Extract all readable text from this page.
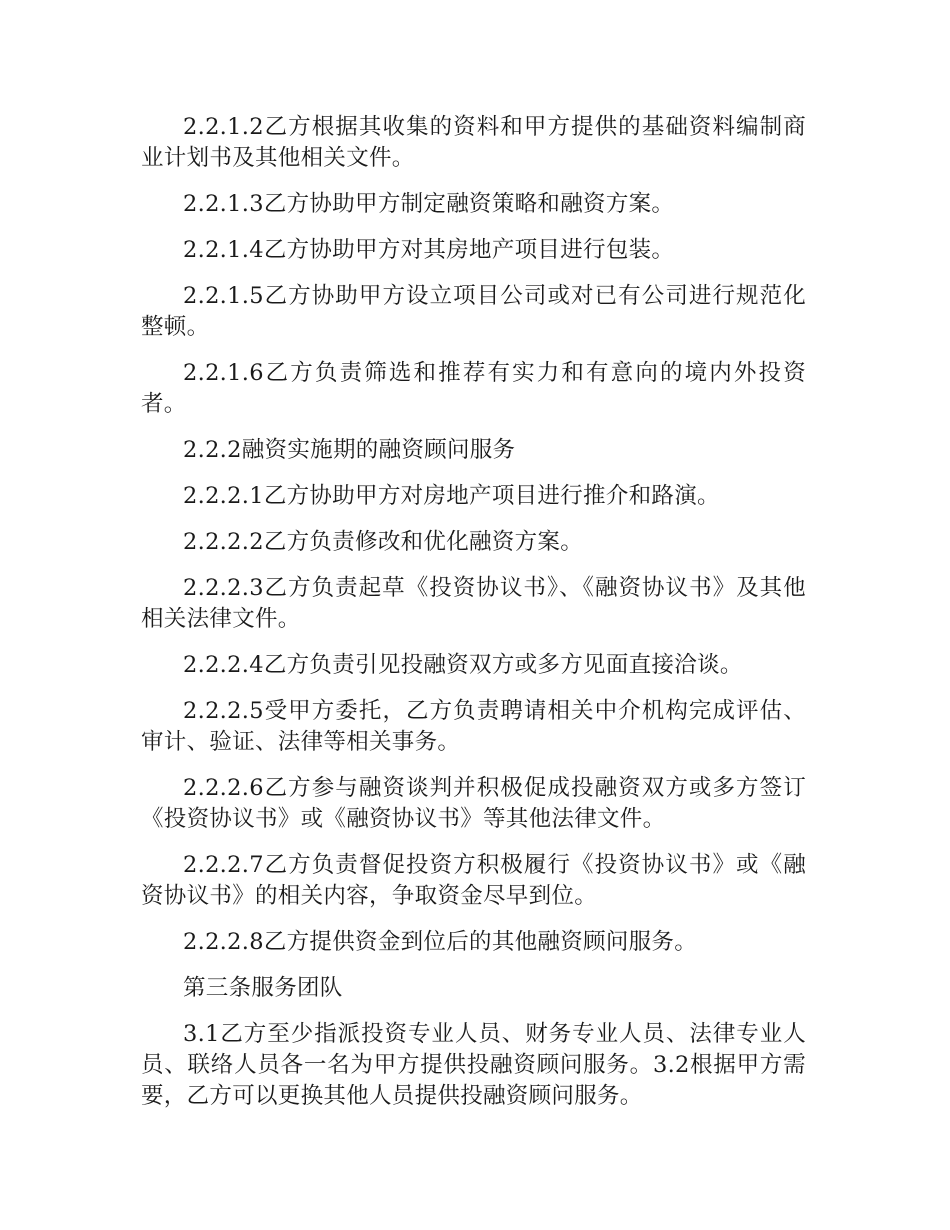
2.2.1.2乙方根据其收集的资料和甲方提供的基础资料编制商业计划书及其他相关文件。

2.2.1.3乙方协助甲方制定融资策略和融资方案。

2.2.1.4乙方协助甲方对其房地产项目进行包装。

2.2.1.5乙方协助甲方设立项目公司或对已有公司进行规范化整顿。

2.2.1.6乙方负责筛选和推荐有实力和有意向的境内外投资者。

2.2.2融资实施期的融资顾问服务

2.2.2.1乙方协助甲方对房地产项目进行推介和路演。

2.2.2.2乙方负责修改和优化融资方案。

2.2.2.3乙方负责起草《投资协议书》、《融资协议书》及其他相关法律文件。

2.2.2.4乙方负责引见投融资双方或多方见面直接洽谈。

2.2.2.5受甲方委托，乙方负责聘请相关中介机构完成评估、审计、验证、法律等相关事务。

2.2.2.6乙方参与融资谈判并积极促成投融资双方或多方签订《投资协议书》或《融资协议书》等其他法律文件。

2.2.2.7乙方负责督促投资方积极履行《投资协议书》或《融资协议书》的相关内容，争取资金尽早到位。

2.2.2.8乙方提供资金到位后的其他融资顾问服务。

第三条服务团队

3.1乙方至少指派投资专业人员、财务专业人员、法律专业人员、联络人员各一名为甲方提供投融资顾问服务。3.2根据甲方需要，乙方可以更换其他人员提供投融资顾问服务。
